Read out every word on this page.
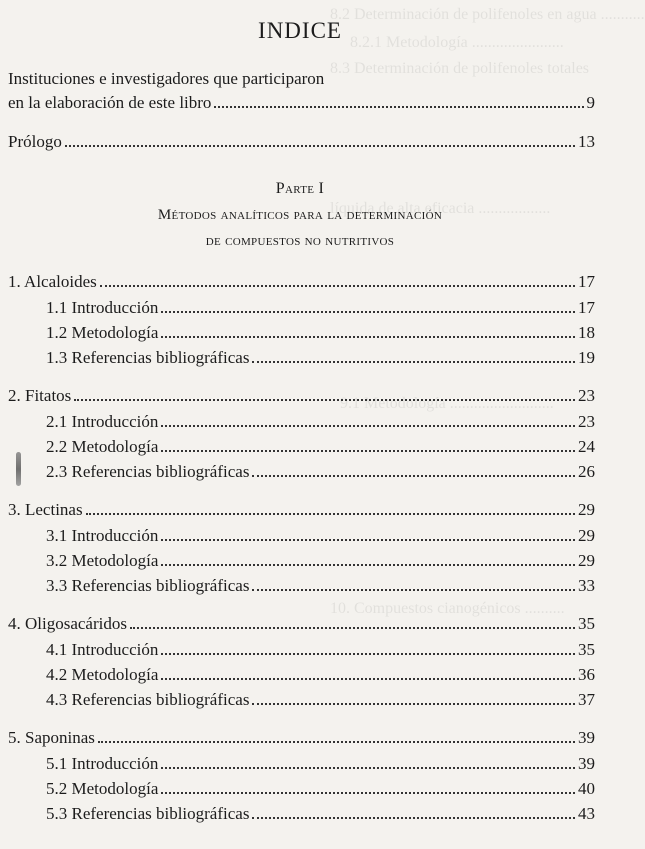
8.2 Determinación de polifenoles en agua ...........
8.2.1 Metodología .......................
8.3 Determinación de polifenoles totales
líquida de alta eficacia ..................
9.1 Metodología ..........................
10. Compuestos cianogénicos ..........
INDICE
Instituciones e investigadores que participaron
en la elaboración de este libro	9
Prólogo	13
Parte I
Métodos analíticos para la determinación
de compuestos no nutritivos
1. Alcaloides	17
1.1 Introducción	17
1.2 Metodología	18
1.3 Referencias bibliográficas	19
2. Fitatos	23
2.1 Introducción	23
2.2 Metodología	24
2.3 Referencias bibliográficas	26
3. Lectinas	29
3.1 Introducción	29
3.2 Metodología	29
3.3 Referencias bibliográficas	33
4. Oligosacáridos	35
4.1 Introducción	35
4.2 Metodología	36
4.3 Referencias bibliográficas	37
5. Saponinas	39
5.1 Introducción	39
5.2 Metodología	40
5.3 Referencias bibliográficas	43
